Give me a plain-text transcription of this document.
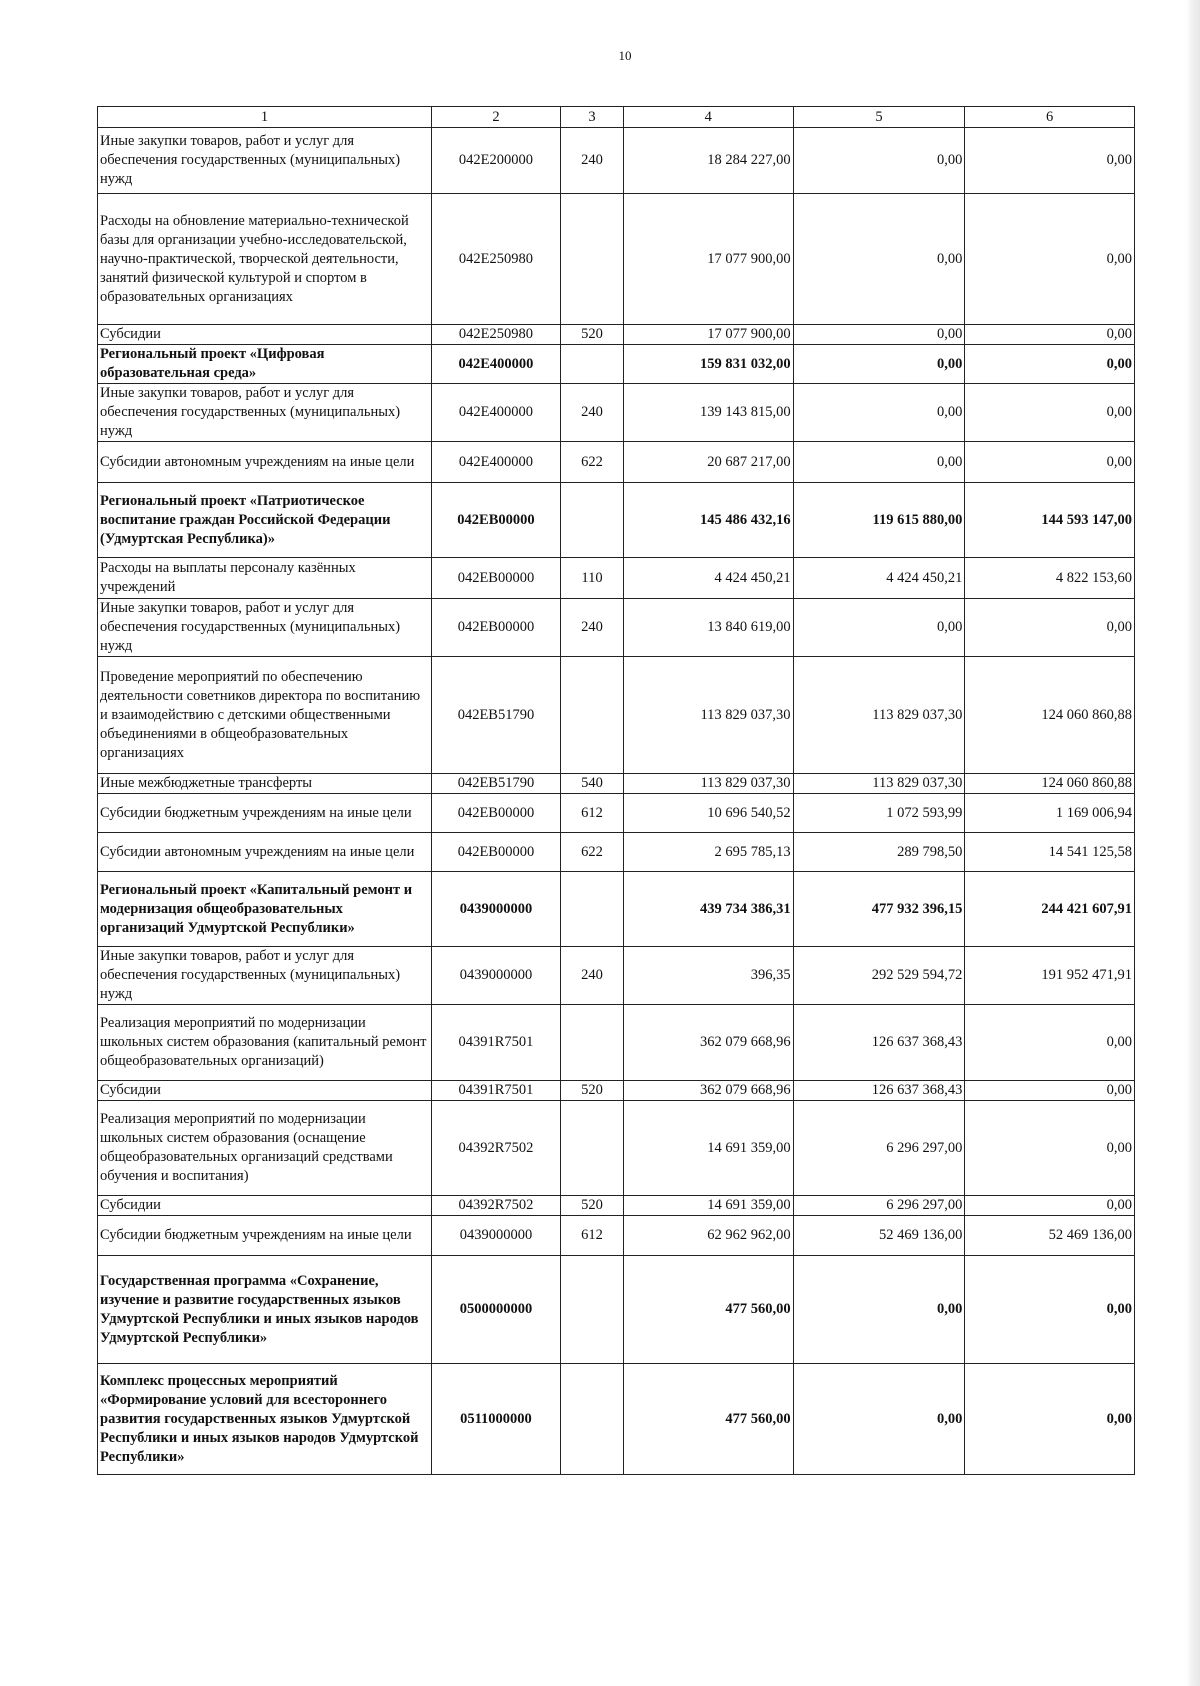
10
1	2	3	4	5	6
Иные закупки товаров, работ и услуг для обеспечения государственных (муниципальных) нужд	042E200000	240	18 284 227,00	0,00	0,00
Расходы на обновление материально-технической базы для организации учебно-исследовательской, научно-практической, творческой деятельности, занятий физической культурой и спортом в образовательных организациях	042E250980		17 077 900,00	0,00	0,00
Субсидии	042E250980	520	17 077 900,00	0,00	0,00
Региональный проект «Цифровая образовательная среда»	042E400000		159 831 032,00	0,00	0,00
Иные закупки товаров, работ и услуг для обеспечения государственных (муниципальных) нужд	042E400000	240	139 143 815,00	0,00	0,00
Субсидии автономным учреждениям на иные цели	042E400000	622	20 687 217,00	0,00	0,00
Региональный проект «Патриотическое воспитание граждан Российской Федерации (Удмуртская Республика)»	042EB00000		145 486 432,16	119 615 880,00	144 593 147,00
Расходы на выплаты персоналу казённых учреждений	042EB00000	110	4 424 450,21	4 424 450,21	4 822 153,60
Иные закупки товаров, работ и услуг для обеспечения государственных (муниципальных) нужд	042EB00000	240	13 840 619,00	0,00	0,00
Проведение мероприятий по обеспечению деятельности советников директора по воспитанию и взаимодействию с детскими общественными объединениями в общеобразовательных организациях	042EB51790		113 829 037,30	113 829 037,30	124 060 860,88
Иные межбюджетные трансферты	042EB51790	540	113 829 037,30	113 829 037,30	124 060 860,88
Субсидии бюджетным учреждениям на иные цели	042EB00000	612	10 696 540,52	1 072 593,99	1 169 006,94
Субсидии автономным учреждениям на иные цели	042EB00000	622	2 695 785,13	289 798,50	14 541 125,58
Региональный проект «Капитальный ремонт и модернизация общеобразовательных организаций Удмуртской Республики»	0439000000		439 734 386,31	477 932 396,15	244 421 607,91
Иные закупки товаров, работ и услуг для обеспечения государственных (муниципальных) нужд	0439000000	240	396,35	292 529 594,72	191 952 471,91
Реализация мероприятий по модернизации школьных систем образования (капитальный ремонт общеобразовательных организаций)	04391R7501		362 079 668,96	126 637 368,43	0,00
Субсидии	04391R7501	520	362 079 668,96	126 637 368,43	0,00
Реализация мероприятий по модернизации школьных систем образования (оснащение общеобразовательных организаций средствами обучения и воспитания)	04392R7502		14 691 359,00	6 296 297,00	0,00
Субсидии	04392R7502	520	14 691 359,00	6 296 297,00	0,00
Субсидии бюджетным учреждениям на иные цели	0439000000	612	62 962 962,00	52 469 136,00	52 469 136,00
Государственная программа «Сохранение, изучение и развитие государственных языков Удмуртской Республики и иных языков народов Удмуртской Республики»	0500000000		477 560,00	0,00	0,00
Комплекс процессных мероприятий «Формирование условий для всестороннего развития государственных языков Удмуртской Республики и иных языков народов Удмуртской Республики»	0511000000		477 560,00	0,00	0,00
